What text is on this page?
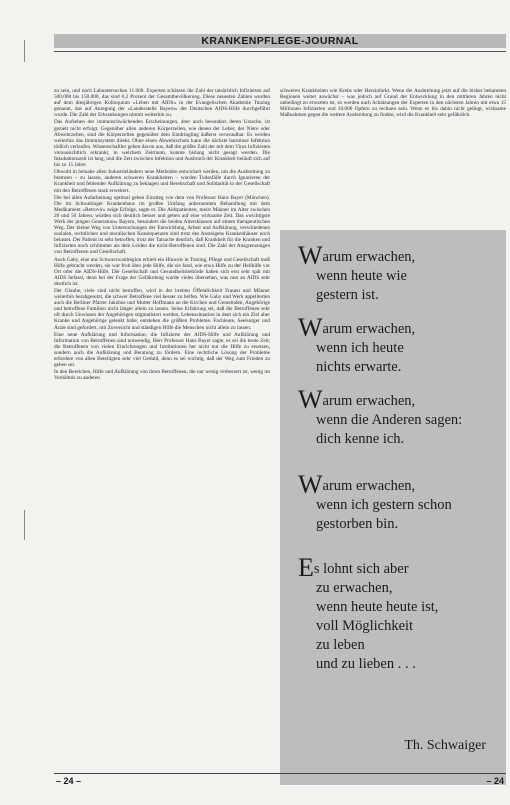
KRANKENPFLEGE-JOURNAL

zu sein, und nach Labuntersuchen 11.000. Experten schätzen die Zahl der tatsächlich Infizierten auf 500.000 bis 150.000, das sind 0,2 Prozent der Gesamtbevölkerung. Diese neuesten Zahlen wurden auf dem diesjährigen Kolloquium »Leben mit AIDS« in der Evangelischen Akademie Tutzing genannt, das auf Anregung der »Landesstelle Bayern« der Deutschen AIDS-Hilfe durchgeführt wurde. Die Zahl der Erkrankungen nimmt weiterhin zu.

Das Aufsehen der immunschwächenden Erscheinungen, aber auch besonders deren Ursache, ist gezielt nicht erfolgt. Gegenüber allen anderen Körperzellen, wie denen der Leber, der Niere oder Abwehrzellen, sind die Körperzellen gegenüber dem Eindringling äußerst verwundbar. Es werden weiterhin das Immunsystem direkt. Ohne einen Abwehrschutz kann die nächste harmlose Infektion tödlich verlaufen. Wissenschaftler gehen davon aus, daß die größte Zahl der mit dem Virus Infizierten voraussichtlich erkrankt, in welchem Zeitraum, konnte bislang nicht gesagt werden. Die Inkubationszeit ist lang, und die Zeit zwischen Infektion und Ausbruch der Krankheit beläuft sich auf bis zu 15 Jahre.

Obwohl in beinahe allen Industrieländern neue Methoden entwickelt werden, um die Ausbreitung zu bremsen – zu lassen, anderen schweren Krankheiten – wurden Todesfälle durch Ignorieren der Krankheit und fehlender Aufklärung zu beklagen und Bereitschaft und Solidarität in der Gesellschaft mit den Betroffenen stark erweitert.

Die bei allen Aufarbeitung optimal geben Einstieg von dem von Professor Hans Bayer (München). Die im Schwabinger Krankenhaus im großen Umfang anberaumten Behandlung mit dem Medikament »Retrovir« zeige Erfolge, sagte er. Die Aidspatienten, meist Männer im Alter zwischen 20 und 50 Jahren, würden sich deutlich besser und geben auf eine wirksame Zeit. Das »wichtigste Werk der jungen Generation« Bayern, besonders die beiden Altersklassen auf einem therapeutischen Weg. Der kleine Weg von Untersuchungen der Entwicklung, Arbeit und Aufklärung, verschiedenen sozialen, rechtlichen und moralischen Konsequenzen sind trotz des Ansteigens Krankenhäuser noch belastet. Der Patient ist sehr betroffen, trotz der Tatsache deutlich, daß Krankheit für die Kranken und Infizierten noch schlimmer als dem Leiden die nicht-Betroffenen sind. Die Zahl der Ausgrenzungen von Betroffenen und Gesellschaft.

Auch Gaby, eine aus Schwarzwaldregion erhielt ein Hinweis in Tutzing, Pflege und Gesellschaft muß Hilfe gebracht werden, sie war froh über jede Hilfe, die sie fand, wie etwa Hilfe zu der Heilhilfe vor Ort oder die AIDS-Hilfe. Die Gesellschaft und Gesundheitsbehörde haben sich erst sehr spät mit AIDS befasst, denn bei der Frage der Gefährdung wurde vieles übersehen, was nun an AIDS sehr deutlich ist.

Der Glaube, viele sind nicht betroffen, wird in der breiten Öffentlichkeit Frauen und Männer weiterhin herabgesetzt, die schwer Betroffene viel besser zu helfen. Wie Gaby und Werk appellierten auch die Berliner Pfarrer Jakobus und Mutter Hoffmann an die Kirchen und Gemeinden, Angehörige und betroffene Familien nicht länger allein zu lassen. Seine Erfahrung sei, daß die Betroffenen sehr oft durch Unwissen der Angehörigen stigmatisiert werden, Lebenssituation in dem sich ein Ziel aber Kranke und Angehörige gelenkt habe, entstehen die größten Probleme. Fachleute, Seelsorger und Ärzte sind gefordert, mit Zuversicht und ständigen Hilfe die Menschen nicht allein zu lassen.

Eine neue Aufklärung und Information, die Infizierte der AIDS-Hilfe und Aufklärung und Information von Betroffenen sind notwendig. Herr Professor Hans Bayer sagte, es sei die beste Zeit, die Betroffenen von vielen Einrichtungen und Institutionen her nicht nur die Hilfe zu ersetzen, sondern auch die Aufklärung und Beratung zu fördern. Eine rechtliche Lösung der Probleme erfordere von allen Beteiligten sehr viel Geduld, denn es sei wichtig, daß der Weg zum Frieden zu gehen sei.

In den Bereichen, Hilfe und Aufklärung von ihren Betroffenen, die nur wenig verbessert ist, wenig im Verhältnis zu anderen

schweren Krankheiten wie Krebs oder Herzinfarkt. Wenn die Ausbreitung jetzt auf die bisher bekannten Regionen weiter anwächst – was jedoch auf Grund der Entwicklung in den mittleren Jahren nicht unbedingt zu erwarten ist, so werden nach Schätzungen der Experten in den nächsten Jahren mit etwa 15 Millionen Infizierten und 10.000 Opfern zu rechnen sein. Wenn es bis dahin nicht gelingt, wirksame Maßnahmen gegen die weitere Ausbreitung zu finden, wird die Krankheit sehr gefährlich.

Warum erwachen,
wenn heute wie
gestern ist.
Warum erwachen,
wenn ich heute
nichts erwarte.
Warum erwachen,
wenn die Anderen sagen:
dich kenne ich.
Warum erwachen,
wenn ich gestern schon
gestorben bin.
Es lohnt sich aber
zu erwachen,
wenn heute heute ist,
voll Möglichkeit
zu leben
und zu lieben . . .
Th. Schwaiger
– 24 –	– 24
